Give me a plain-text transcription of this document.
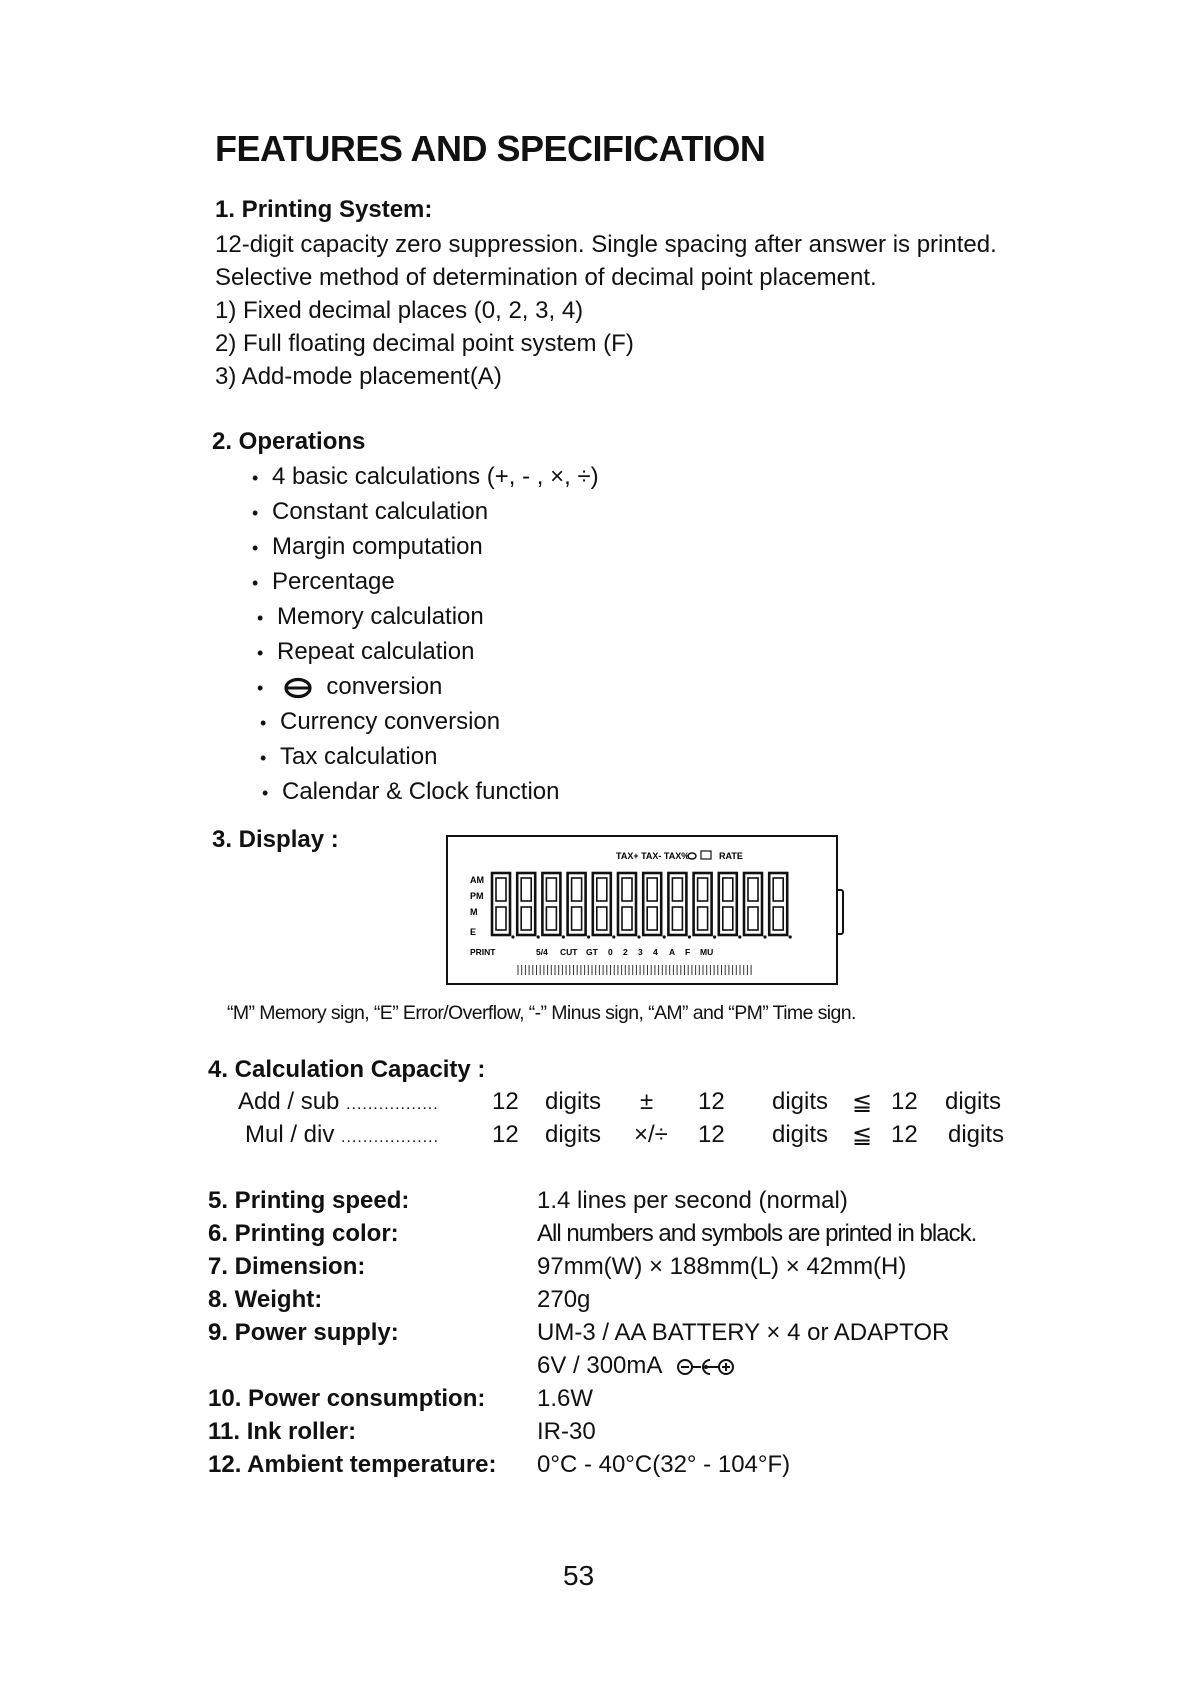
FEATURES AND SPECIFICATION
1. Printing System:
12-digit capacity zero suppression. Single spacing after answer is printed.
Selective method of determination of decimal point placement.
1) Fixed decimal places (0, 2, 3, 4)
2) Full floating decimal point system (F)
3) Add-mode placement(A)
2. Operations
• 4 basic calculations (+, - , ×, ÷)
• Constant calculation
• Margin computation
• Percentage
• Memory calculation
• Repeat calculation
•	conversion
• Currency conversion
• Tax calculation
• Calendar & Clock function
3. Display :
TAX+ TAX- TAX%	RATE
AM
PM
M
E
PRINT	5/4 CUT GT 0 2 3 4 A F MU
“M” Memory sign, “E” Error/Overflow, “-” Minus sign, “AM” and “PM” Time sign.
4. Calculation Capacity :
Add / sub ................. 12 digits ± 12 digits ≦ 12 digits
Mul / div .................. 12 digits ×/÷ 12 digits ≦ 12 digits
5. Printing speed:	1.4 lines per second (normal)
6. Printing color:	All numbers and symbols are printed in black.
7. Dimension:	97mm(W) × 188mm(L) × 42mm(H)
8. Weight:	270g
9. Power supply:	UM-3 / AA BATTERY × 4 or ADAPTOR
6V / 300mA
10. Power consumption: 1.6W
11. Ink roller:	IR-30
12. Ambient temperature: 0°C - 40°C(32° - 104°F)
53
